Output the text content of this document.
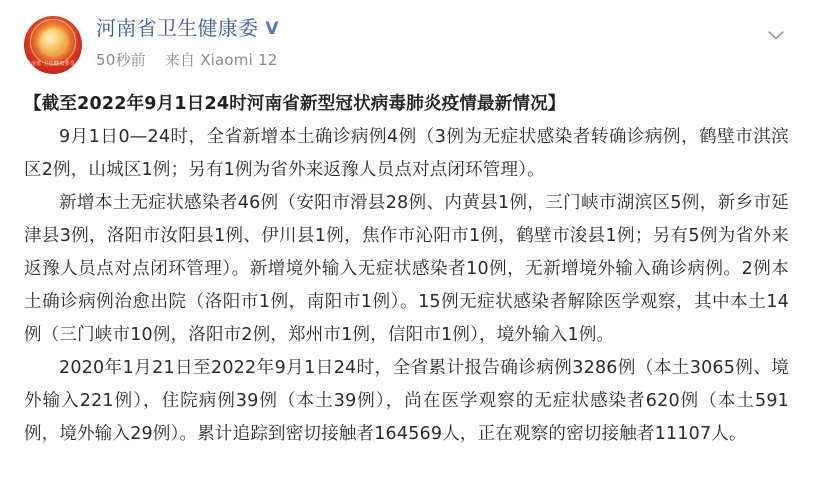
河南省 卫生健康委员会
河南省卫生健康委 V
50秒前 来自 Xiaomi 12

【截至2022年9月1日24时河南省新型冠状病毒肺炎疫情最新情况】

9月1日0—24时，全省新增本土确诊病例4例（3例为无症状感染者转确诊病例，鹤壁市淇滨区2例，山城区1例；另有1例为省外来返豫人员点对点闭环管理）。

新增本土无症状感染者46例（安阳市滑县28例、内黄县1例，三门峡市湖滨区5例，新乡市延津县3例，洛阳市汝阳县1例、伊川县1例，焦作市沁阳市1例，鹤壁市浚县1例；另有5例为省外来返豫人员点对点闭环管理）。新增境外输入无症状感染者10例，无新增境外输入确诊病例。2例本土确诊病例治愈出院（洛阳市1例，南阳市1例）。15例无症状感染者解除医学观察，其中本土14例（三门峡市10例，洛阳市2例，郑州市1例，信阳市1例），境外输入1例。

2020年1月21日至2022年9月1日24时，全省累计报告确诊病例3286例（本土3065例、境外输入221例），住院病例39例（本土39例），尚在医学观察的无症状感染者620例（本土591例，境外输入29例）。累计追踪到密切接触者164569人，正在观察的密切接触者11107人。
